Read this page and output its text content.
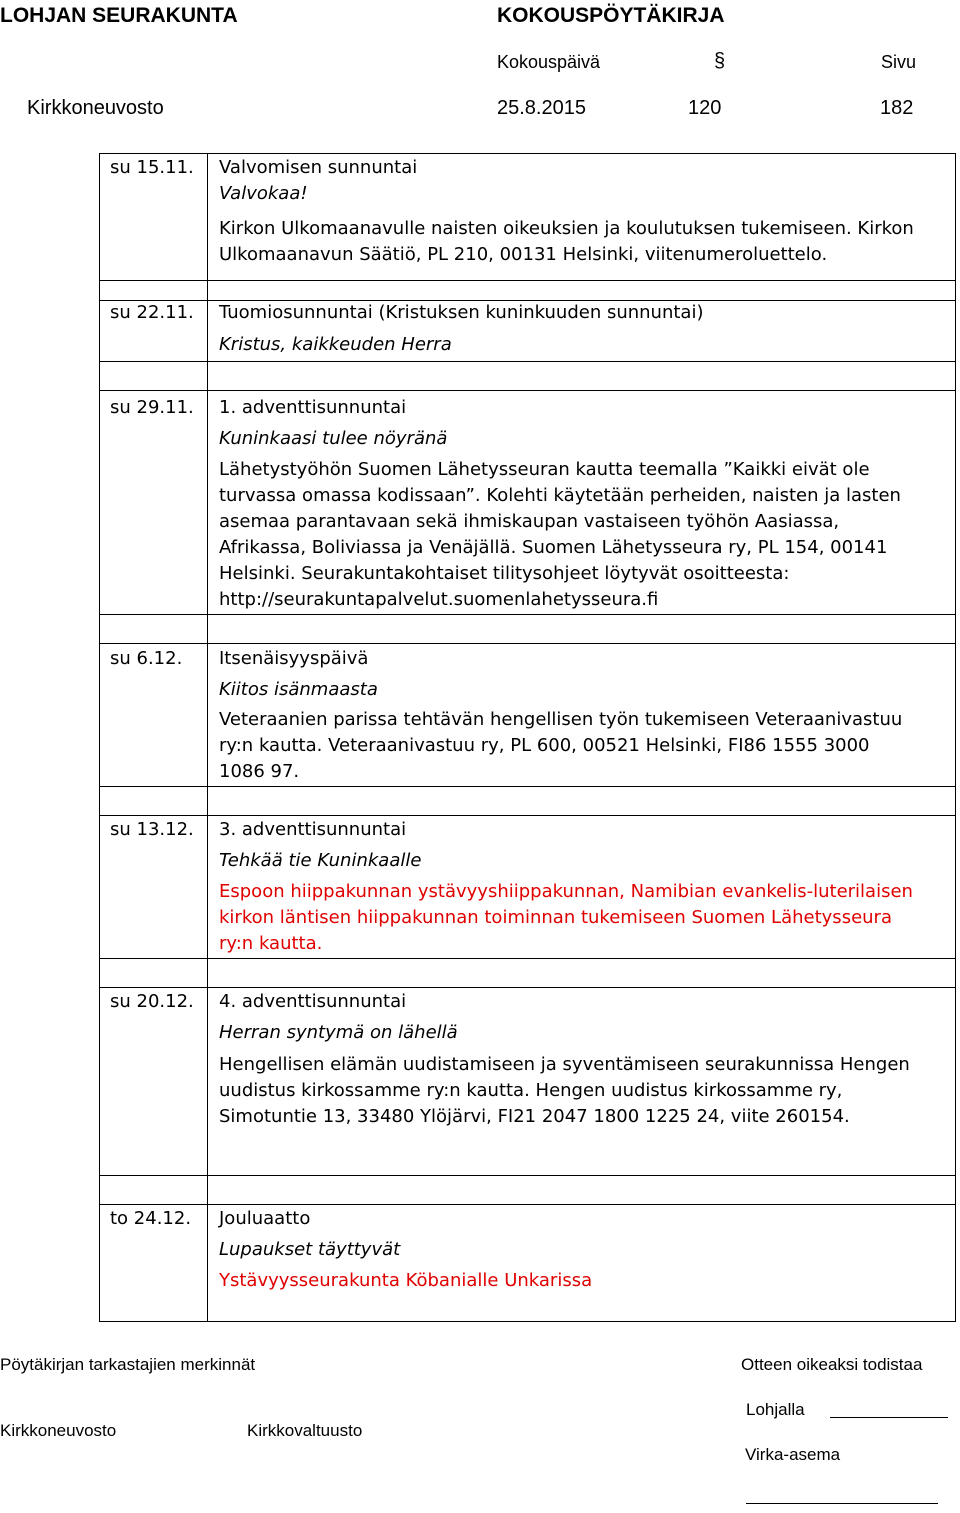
LOHJAN SEURAKUNTA	KOKOUSPÖYTÄKIRJA
Kokouspäivä	§	Sivu
Kirkkoneuvosto	25.8.2015	120	182
su 15.11. Valvomisen sunnuntai
Valvokaa!
Kirkon Ulkomaanavulle naisten oikeuksien ja koulutuksen tukemiseen. Kirkon
Ulkomaanavun Säätiö, PL 210, 00131 Helsinki, viitenumeroluettelo.
su 22.11. Tuomiosunnuntai (Kristuksen kuninkuuden sunnuntai)
Kristus, kaikkeuden Herra
su 29.11. 1. adventtisunnuntai
Kuninkaasi tulee nöyränä
Lähetystyöhön Suomen Lähetysseuran kautta teemalla ”Kaikki eivät ole
turvassa omassa kodissaan”. Kolehti käytetään perheiden, naisten ja lasten
asemaa parantavaan sekä ihmiskaupan vastaiseen työhön Aasiassa,
Afrikassa, Boliviassa ja Venäjällä. Suomen Lähetysseura ry, PL 154, 00141
Helsinki. Seurakuntakohtaiset tilitysohjeet löytyvät osoitteesta:
http://seurakuntapalvelut.suomenlahetysseura.fi
su 6.12. Itsenäisyyspäivä
Kiitos isänmaasta
Veteraanien parissa tehtävän hengellisen työn tukemiseen Veteraanivastuu
ry:n kautta. Veteraanivastuu ry, PL 600, 00521 Helsinki, FI86 1555 3000
1086 97.
su 13.12. 3. adventtisunnuntai
Tehkää tie Kuninkaalle
Espoon hiippakunnan ystävyyshiippakunnan, Namibian evankelis-luterilaisen
kirkon läntisen hiippakunnan toiminnan tukemiseen Suomen Lähetysseura
ry:n kautta.
su 20.12. 4. adventtisunnuntai
Herran syntymä on lähellä
Hengellisen elämän uudistamiseen ja syventämiseen seurakunnissa Hengen
uudistus kirkossamme ry:n kautta. Hengen uudistus kirkossamme ry,
Simotuntie 13, 33480 Ylöjärvi, FI21 2047 1800 1225 24, viite 260154.
to 24.12. Jouluaatto
Lupaukset täyttyvät
Ystävyysseurakunta Köbanialle Unkarissa
Pöytäkirjan tarkastajien merkinnät	Otteen oikeaksi todistaa
Lohjalla
Kirkkoneuvosto	Kirkkovaltuusto
Virka-asema
